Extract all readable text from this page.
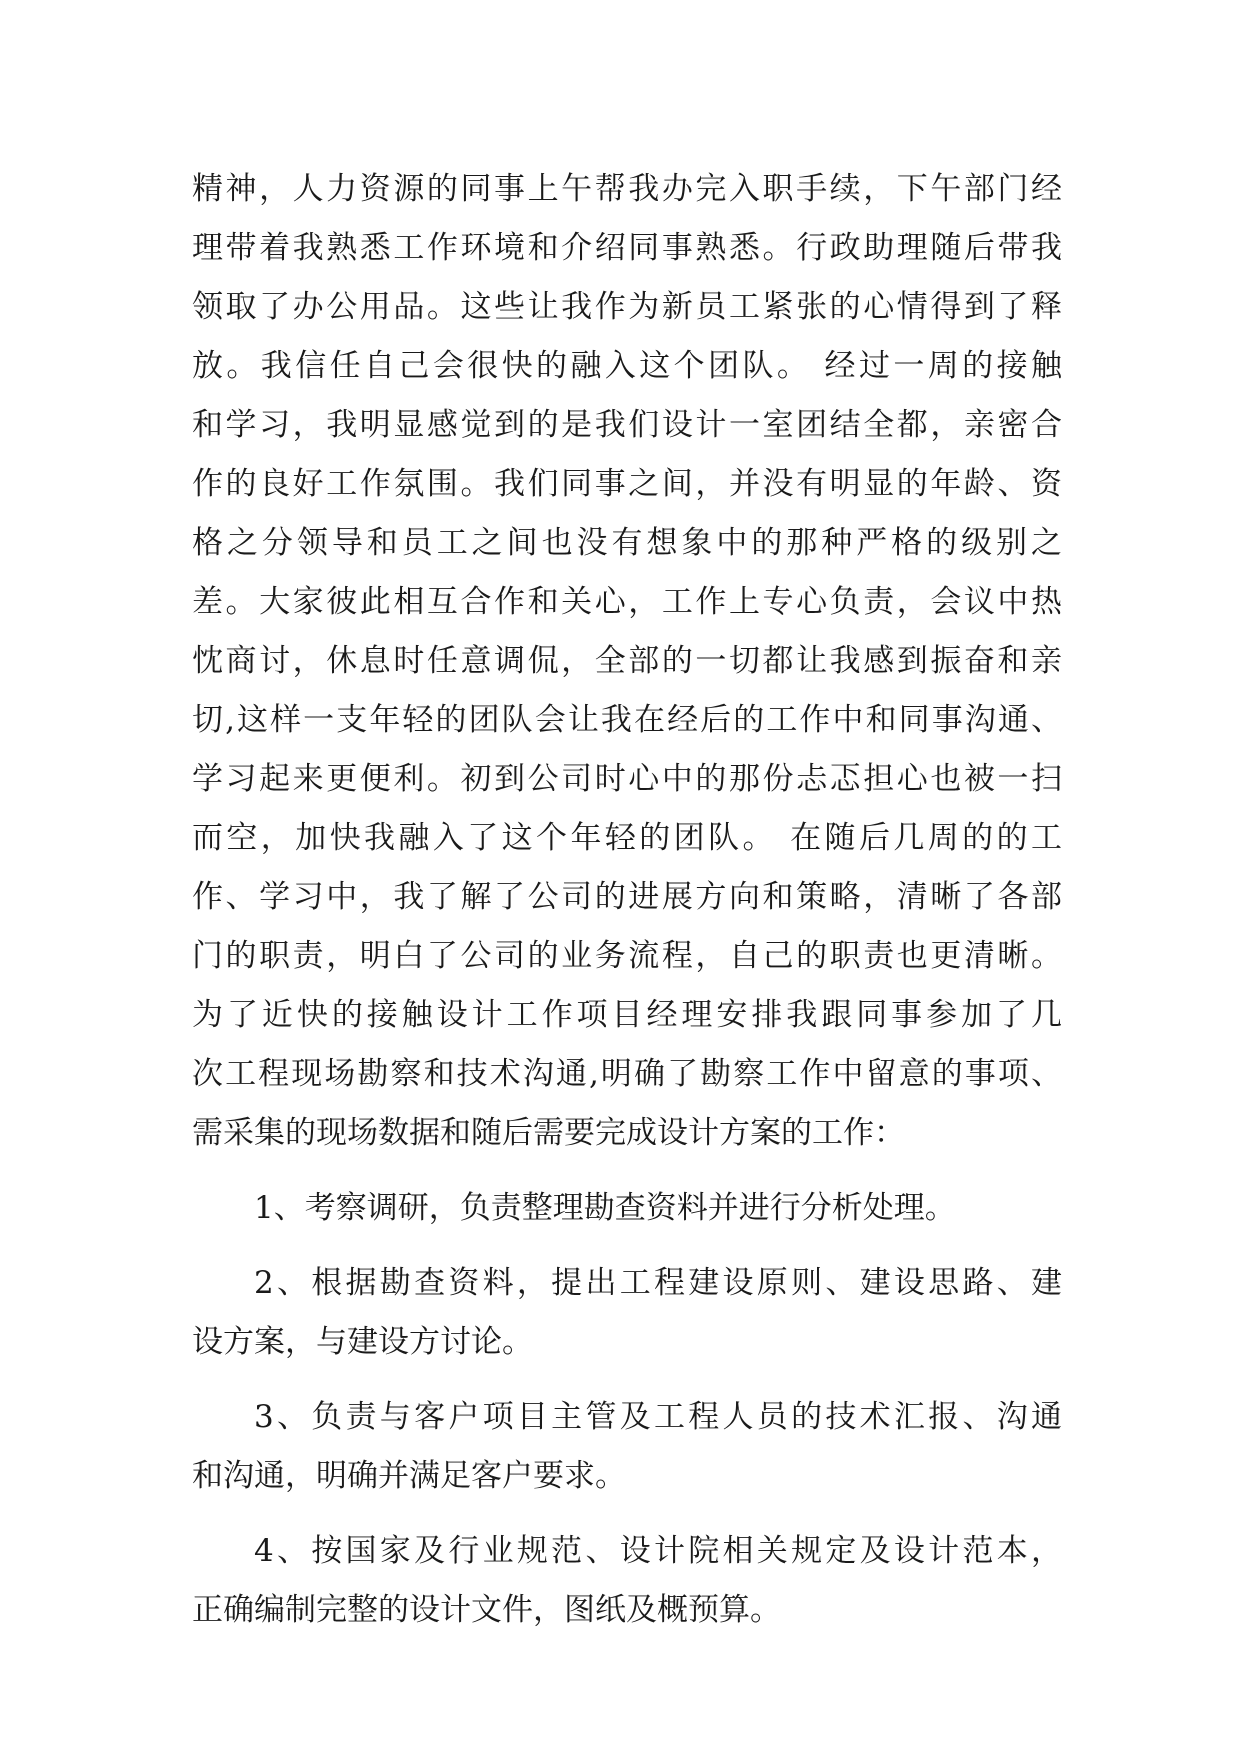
精神，人力资源的同事上午帮我办完入职手续，下午部门经
理带着我熟悉工作环境和介绍同事熟悉。行政助理随后带我
领取了办公用品。这些让我作为新员工紧张的心情得到了释
放。我信任自己会很快的融入这个团队。 经过一周的接触
和学习，我明显感觉到的是我们设计一室团结全都，亲密合
作的良好工作氛围。我们同事之间，并没有明显的年龄、资
格之分领导和员工之间也没有想象中的那种严格的级别之
差。大家彼此相互合作和关心，工作上专心负责，会议中热
忱商讨，休息时任意调侃，全部的一切都让我感到振奋和亲
切,这样一支年轻的团队会让我在经后的工作中和同事沟通、
学习起来更便利。初到公司时心中的那份忐忑担心也被一扫
而空，加快我融入了这个年轻的团队。 在随后几周的的工
作、学习中，我了解了公司的进展方向和策略，清晰了各部
门的职责，明白了公司的业务流程，自己的职责也更清晰。
为了近快的接触设计工作项目经理安排我跟同事参加了几
次工程现场勘察和技术沟通,明确了勘察工作中留意的事项、
需采集的现场数据和随后需要完成设计方案的工作：
1、考察调研，负责整理勘查资料并进行分析处理。
2、根据勘查资料，提出工程建设原则、建设思路、建
设方案，与建设方讨论。
3、负责与客户项目主管及工程人员的技术汇报、沟通
和沟通，明确并满足客户要求。
4、按国家及行业规范、设计院相关规定及设计范本，
正确编制完整的设计文件，图纸及概预算。
